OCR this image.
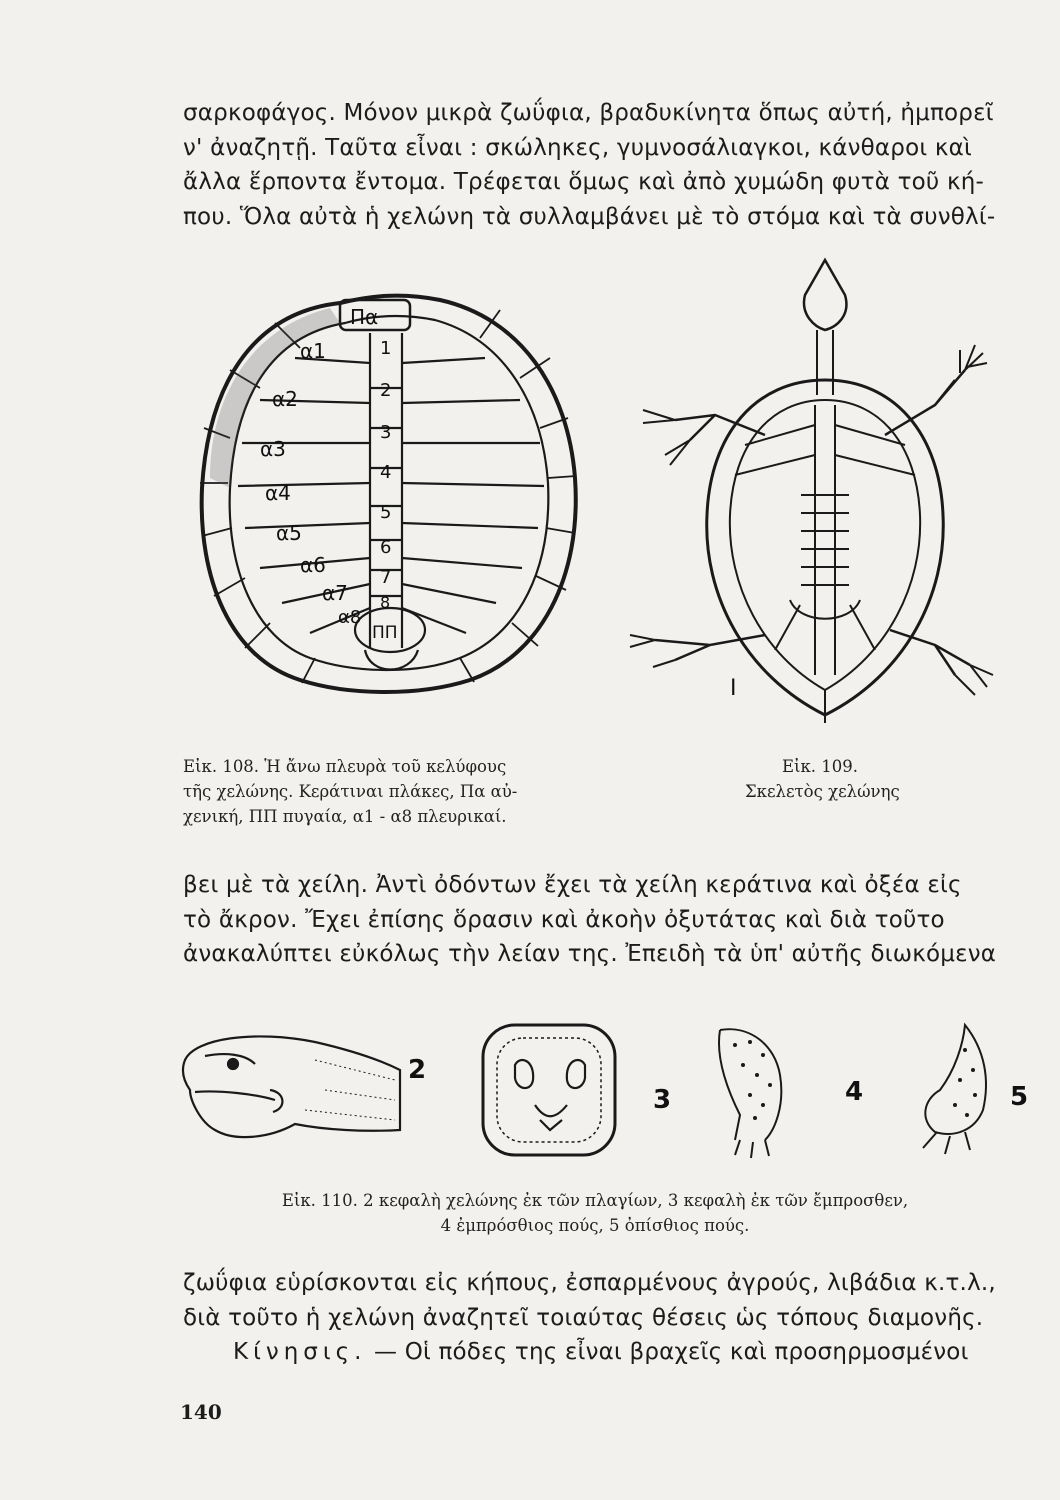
σαρκοφάγος. Μόνον μικρὰ ζωΰφια, βραδυκίνητα ὅπως αὐτή, ἠμπορεῖ
ν' ἀναζητῇ. Ταῦτα εἶναι : σκώληκες, γυμνοσάλιαγκοι, κάνθαροι καὶ
ἄλλα ἕρποντα ἔντομα. Τρέφεται ὅμως καὶ ἀπὸ χυμώδη φυτὰ τοῦ κή-
που. Ὅλα αὐτὰ ἡ χελώνη τὰ συλλαμβάνει μὲ τὸ στόμα καὶ τὰ συνθλί-

Πα
α1
α2
α3
α4
α5
α6
α7
α8
1
2
3
4
5
6
7
8
ΠΠ
I
Εἰκ. 108. Ἡ ἄνω πλευρὰ τοῦ κελύφους
τῆς χελώνης. Κεράτιναι πλάκες, Πα αὐ-
χενική, ΠΠ πυγαία, α1 - α8 πλευρικαί.
Εἰκ. 109.
Σκελετὸς χελώνης

βει μὲ τὰ χείλη. Ἀντὶ ὀδόντων ἔχει τὰ χείλη κεράτινα καὶ ὀξέα εἰς
τὸ ἄκρον. Ἔχει ἐπίσης ὅρασιν καὶ ἀκοὴν ὀξυτάτας καὶ διὰ τοῦτο
ἀνακαλύπτει εὐκόλως τὴν λείαν της. Ἐπειδὴ τὰ ὑπ' αὐτῆς διωκόμενα

2
3	4	5
Εἰκ. 110. 2 κεφαλὴ χελώνης ἐκ τῶν πλαγίων, 3 κεφαλὴ ἐκ τῶν ἔμπροσθεν,
4 ἐμπρόσθιος πούς, 5 ὀπίσθιος πούς.

ζωΰφια εὑρίσκονται εἰς κήπους, ἐσπαρμένους ἀγρούς, λιβάδια κ.τ.λ.,
διὰ τοῦτο ἡ χελώνη ἀναζητεῖ τοιαύτας θέσεις ὡς τόπους διαμονῆς.
Κίνησις. — Οἱ πόδες της εἶναι βραχεῖς καὶ προσηρμοσμένοι

140
